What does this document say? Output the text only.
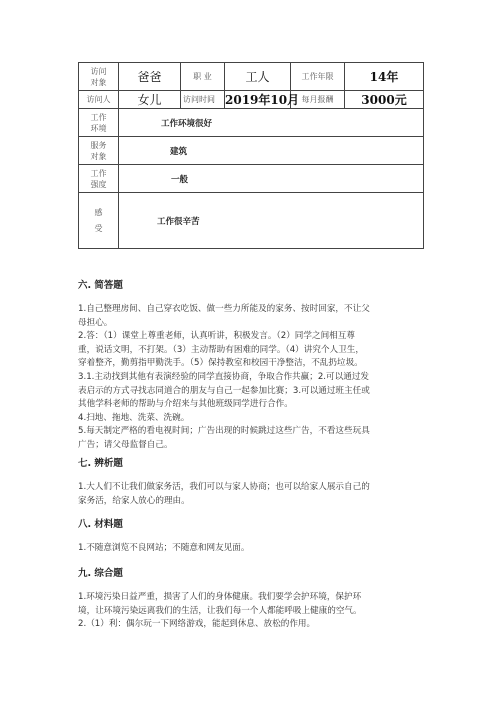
访问
对象	爸爸	职 业	工人	工作年限	14年
访问人	女儿	访问时间	2019年10月	每月报酬	3000元

工作
环境	工作环境很好				

服务
对象	建筑				

工作
强度	一般				

感
受	工作很辛苦				
六. 简答题

1.自己整理房间、自己穿衣吃饭、做一些力所能及的家务、按时回家，不让父

母担心。

2.答：（1）课堂上尊重老师，认真听讲，积极发言。（2）同学之间相互尊

重，说话文明，不打架。（3）主动帮助有困难的同学。（4）讲究个人卫生，

穿着整齐，勤剪指甲勤洗手。（5）保持教室和校园干净整洁，不乱扔垃圾。

3.1.主动找到其他有表演经验的同学直接协商，争取合作共赢；2.可以通过发

表启示的方式寻找志同道合的朋友与自己一起参加比赛；3.可以通过班主任或

其他学科老师的帮助与介绍来与其他班级同学进行合作。

4.扫地、拖地、洗菜、洗碗。

5.每天制定严格的看电视时间；广告出现的时候跳过这些广告，不看这些玩具

广告；请父母监督自己。

七. 辨析题

1.大人们不让我们做家务活，我们可以与家人协商；也可以给家人展示自己的

家务活，给家人放心的理由。

八. 材料题

1.不随意浏览不良网站；不随意和网友见面。

九. 综合题

1.环境污染日益严重，损害了人们的身体健康。我们要学会护环境，保护环

境，让环境污染远离我们的生活，让我们每一个人都能呼吸上健康的空气。

2.（1）利：偶尔玩一下网络游戏，能起到休息、放松的作用。
